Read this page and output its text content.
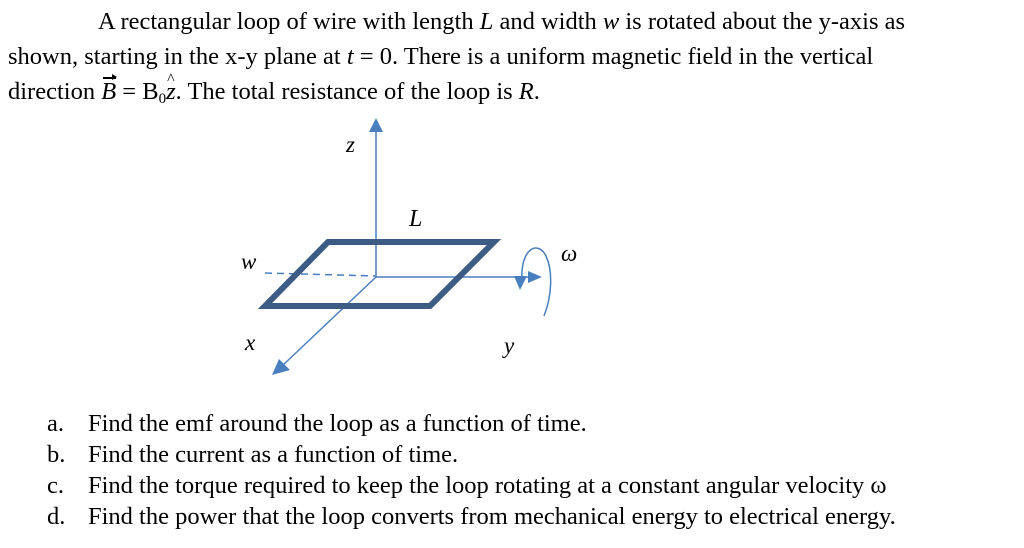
A rectangular loop of wire with length L and width w is rotated about the y-axis as
shown, starting in the x-y plane at t = 0. There is a uniform magnetic field in the vertical
direction $B = B_0\^{}$ z. The total resistance of the loop is R.
z
L
w	ω
x	y
a. Find the emf around the loop as a function of time.
b. Find the current as a function of time.
c. Find the torque required to keep the loop rotating at a constant angular velocity ω
d. Find the power that the loop converts from mechanical energy to electrical energy.
